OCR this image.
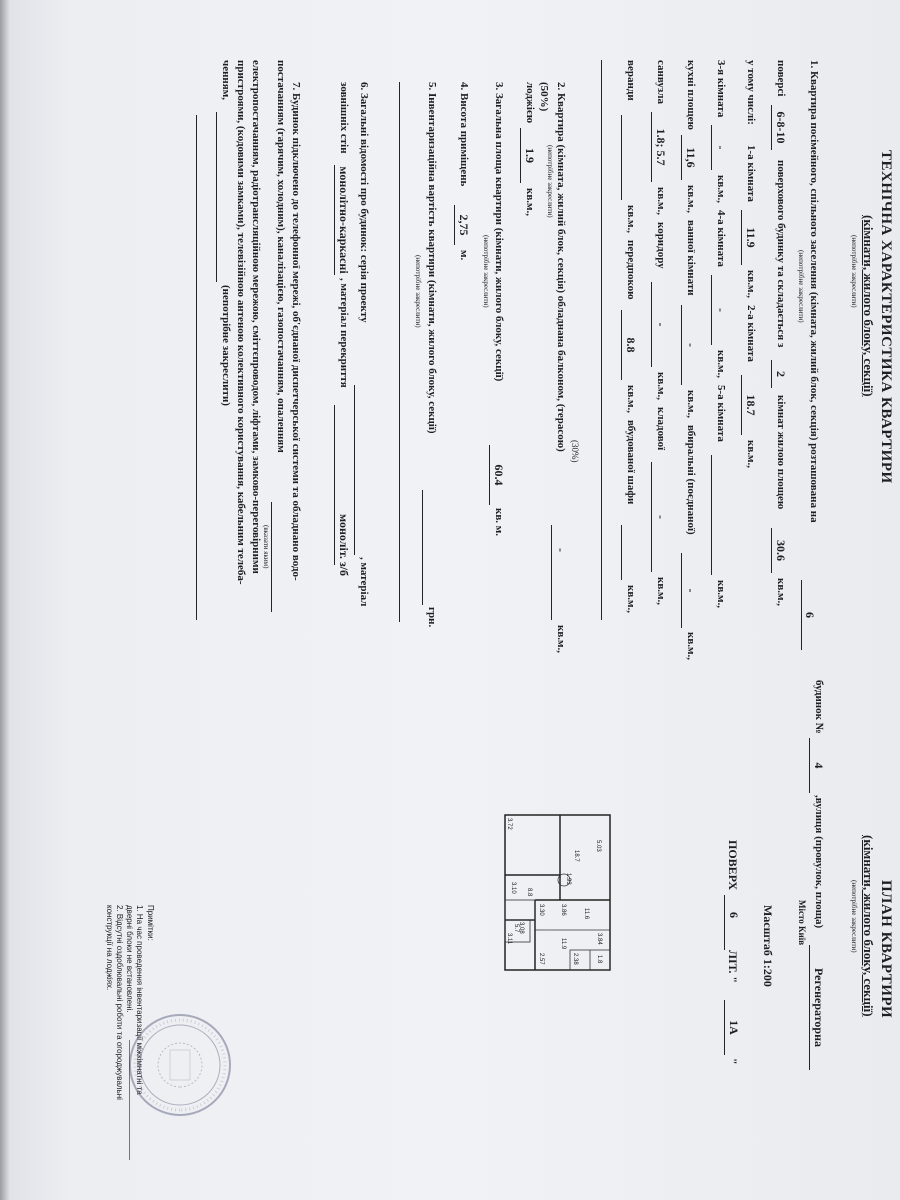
ТЕХНІЧНА ХАРАКТЕРИСТИКА КВАРТИРИ
(кімнати, жилого блоку, секції)
(непотрібне закреслити)
1. Квартира посімейного, спільного заселення (кімната, жилий блок, секція) розташована на
6
(непотрібне закреслити)
поверсі
6-8-10
поверхового будинку та складається з
2
кімнат жилою площею
30.6
кв.м.,
у тому числі:
1-а кімната
11.9
кв.м.,
2-а кімната
18.7
кв.м.,
3-я кімната
-
кв.м.,
4-а кімната
-
кв.м.,
5-а кімната
кв.м.,
кухні площею
11,6
кв.м.,
ванної кімнати
-
кв.м.,
вбиральні (поєднаної)
-
кв.м.,
санвузла
1.8; 5.7
кв.м.,
коридору
-
кв.м.,
кладової
-
кв.м.,
веранди
кв.м.,
передпокою
8.8
кв.м.,
вбудованої шафи
кв.м.,
(30%)
2. Квартира (кімната, жилий блок, секція) обладнана балконом, (терасою)
-
кв.м.,
(непотрібне закреслити)
(50%)
лоджією
1.9
кв.м.,
3. Загальна площа квартири (кімнати, жилого блоку, секції)
60.4
кв. м.
(непотрібне закреслити)
4. Висота приміщень
2,75
м.
5. Інвентаризаційна вартість квартири (кімнати, жилого блоку, секції)
грн.
(непотрібне закреслити)
6. Загальні відомості про будинок: серія проекту
, матеріал
зовнішніх стін
монолітно-каркасні
, матеріал перекриття
моноліт. з/б
7. Будинок підключено до телефонної мережі, об'єднаної диспетчерської системи та обладнано водо-
постачанням (гарячим, холодним), каналізацією, газопостачанням, опаленням
(вказати яким)
електропостачанням, радіотрансляційною мережою, сміттєпроводом, ліфтами, замково-переговірними
пристроями, (кодовими замками), телевізійною антеною колективного користування, кабельним телеба-
ченням,
(непотрібне закреслити)
ПЛАН КВАРТИРИ
(кімнати, жилого блоку, секції)
(непотрібне закреслити)
будинок №
4
,вулиця (провулок, площа)
Регенераторна
Місто Київ
Масштаб 1:200
ПОВЕРХ
6
ЛІТ. "
1А
"
5.03
3.72
3.30
3.10
3.86
3.08
2.38
2.57
3.11	3.84
1.93
18.7
11.6
8.8
11.9
1.8
5.7
Примітки:
1. На час проведення інвентаризації міжкімнатні та
дверні блоки не встановлені.
2. Відсутні оздоблювальні роботи та огороджувальні
конструкції на лоджіях.
